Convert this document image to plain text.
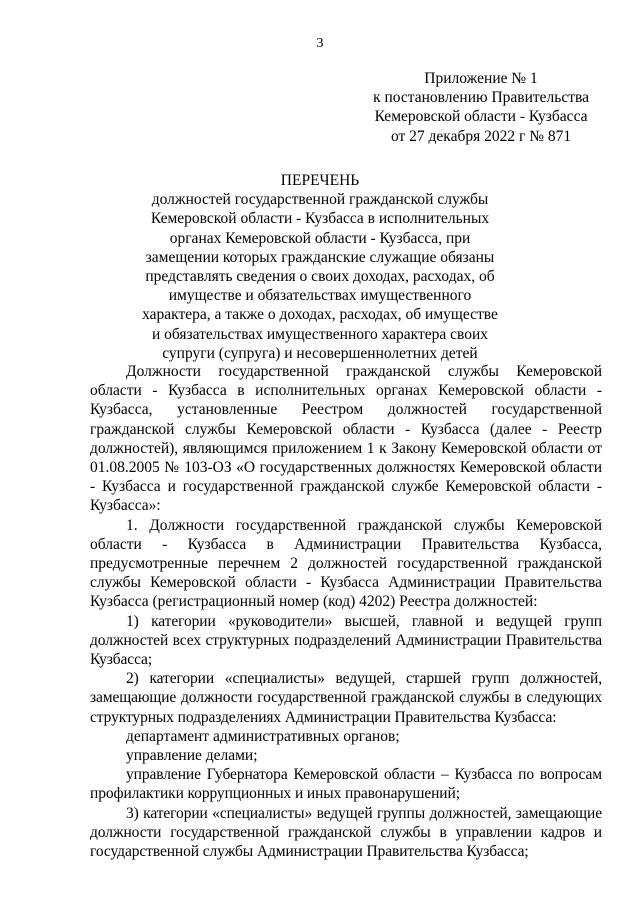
3
Приложение № 1
к постановлению Правительства
Кемеровской области - Кузбасса
от 27 декабря 2022 г № 871
ПЕРЕЧЕНЬ
должностей государственной гражданской службы
Кемеровской области - Кузбасса в исполнительных
органах Кемеровской области - Кузбасса, при
замещении которых гражданские служащие обязаны
представлять сведения о своих доходах, расходах, об
имуществе и обязательствах имущественного
характера, а также о доходах, расходах, об имуществе
и обязательствах имущественного характера своих
супруги (супруга) и несовершеннолетних детей

Должности государственной гражданской службы Кемеровской области - Кузбасса в исполнительных органах Кемеровской области - Кузбасса, установленные Реестром должностей государственной гражданской службы Кемеровской области - Кузбасса (далее - Реестр должностей), являющимся приложением 1 к Закону Кемеровской области от 01.08.2005 № 103-ОЗ «О государственных должностях Кемеровской области - Кузбасса и государственной гражданской службе Кемеровской области - Кузбасса»:

1. Должности государственной гражданской службы Кемеровской области - Кузбасса в Администрации Правительства Кузбасса, предусмотренные перечнем 2 должностей государственной гражданской службы Кемеровской области - Кузбасса Администрации Правительства Кузбасса (регистрационный номер (код) 4202) Реестра должностей:

1) категории «руководители» высшей, главной и ведущей групп должностей всех структурных подразделений Администрации Правительства Кузбасса;

2) категории «специалисты» ведущей, старшей групп должностей, замещающие должности государственной гражданской службы в следующих структурных подразделениях Администрации Правительства Кузбасса:

департамент административных органов;

управление делами;

управление Губернатора Кемеровской области – Кузбасса по вопросам профилактики коррупционных и иных правонарушений;

3) категории «специалисты» ведущей группы должностей, замещающие должности государственной гражданской службы в управлении кадров и государственной службы Администрации Правительства Кузбасса;
